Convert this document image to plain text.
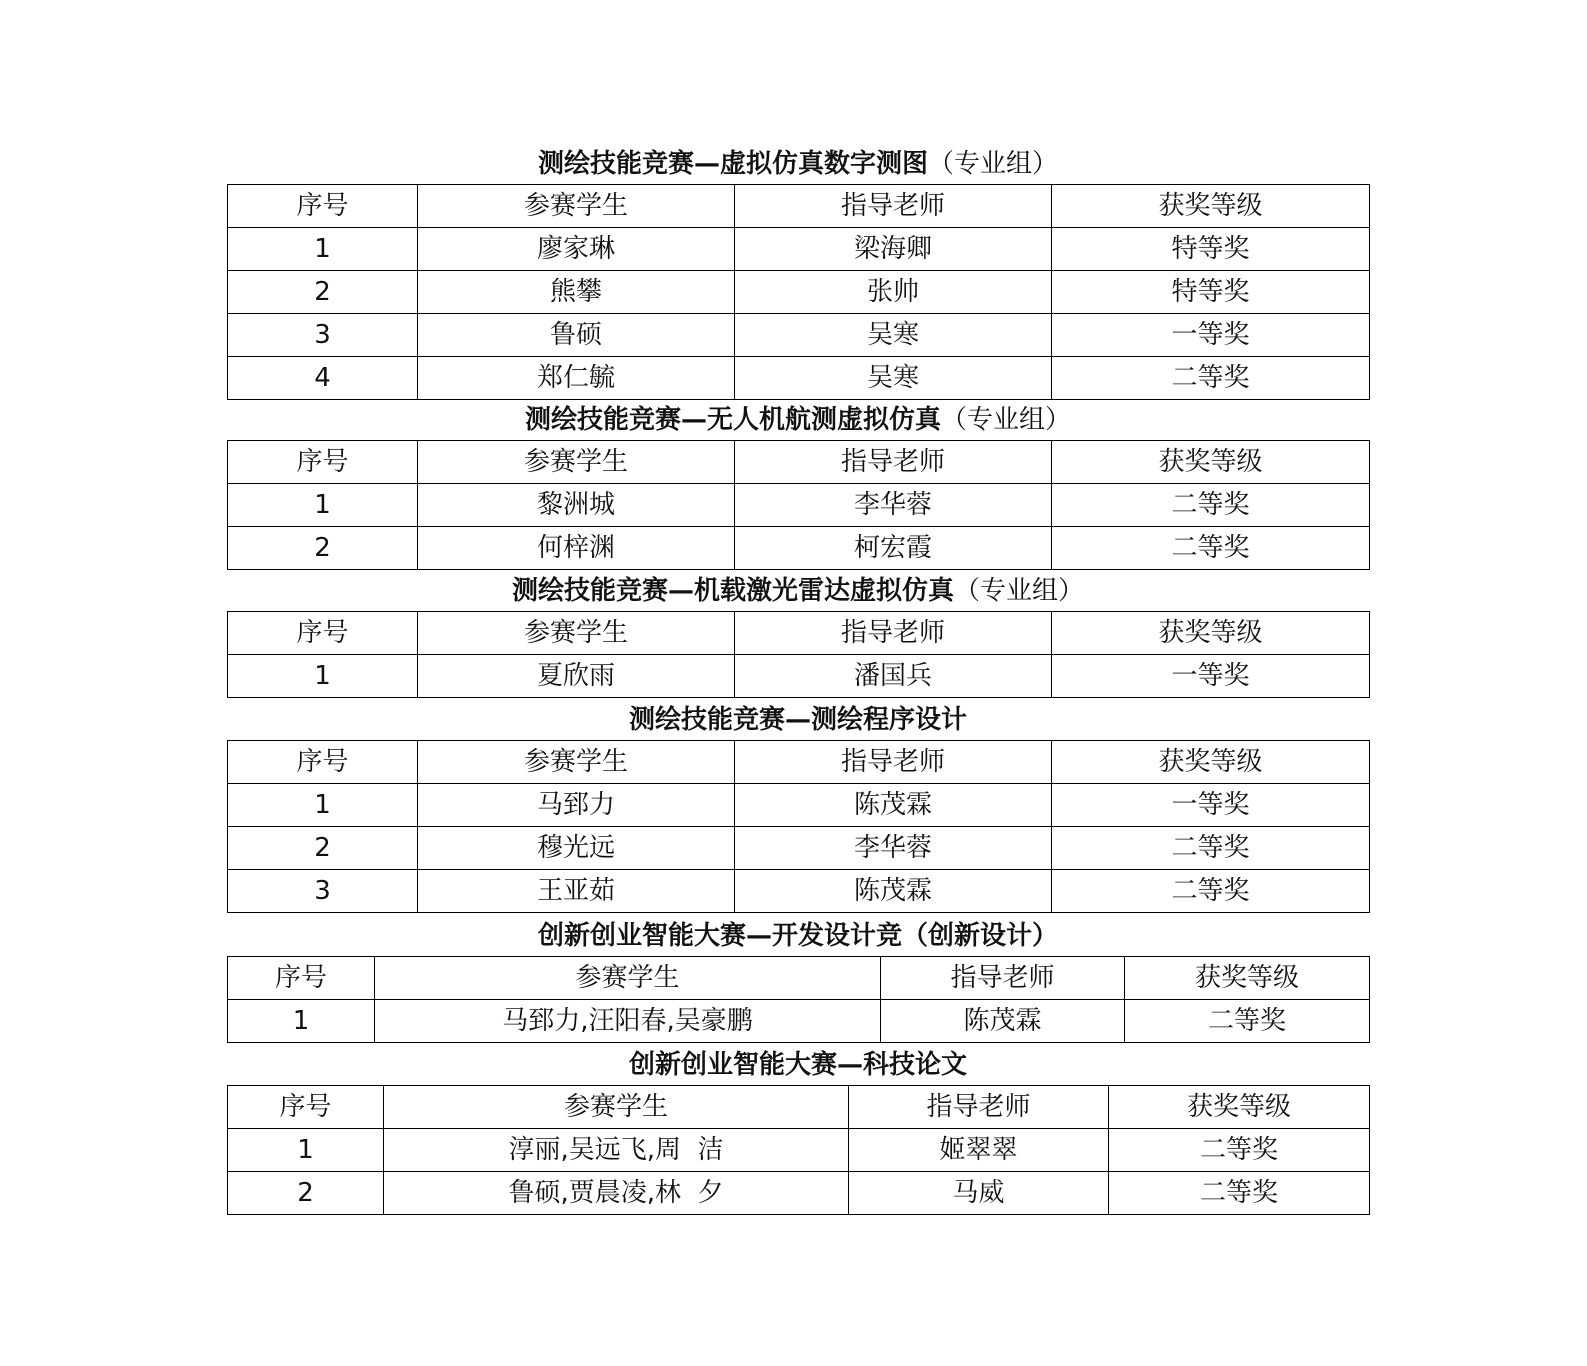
测绘技能竞赛—虚拟仿真数字测图（专业组）
序号	参赛学生	指导老师	获奖等级
1	廖家琳	梁海卿	特等奖
2	熊攀	张帅	特等奖
3	鲁硕	吴寒	一等奖
4	郑仁毓	吴寒	二等奖
测绘技能竞赛—无人机航测虚拟仿真（专业组）
序号	参赛学生	指导老师	获奖等级
1	黎洲城	李华蓉	二等奖
2	何梓渊	柯宏霞	二等奖
测绘技能竞赛—机载激光雷达虚拟仿真（专业组）
序号	参赛学生	指导老师	获奖等级
1	夏欣雨	潘国兵	一等奖
测绘技能竞赛—测绘程序设计
序号	参赛学生	指导老师	获奖等级
1	马郅力	陈茂霖	一等奖
2	穆光远	李华蓉	二等奖
3	王亚茹	陈茂霖	二等奖
创新创业智能大赛—开发设计竞（创新设计）
序号	参赛学生	指导老师	获奖等级
1	马郅力,汪阳春,吴豪鹏	陈茂霖	二等奖
创新创业智能大赛—科技论文
序号	参赛学生	指导老师	获奖等级
1	淳丽,吴远飞,周  洁	姬翠翠	二等奖
2	鲁硕,贾晨凌,林  夕	马威	二等奖
